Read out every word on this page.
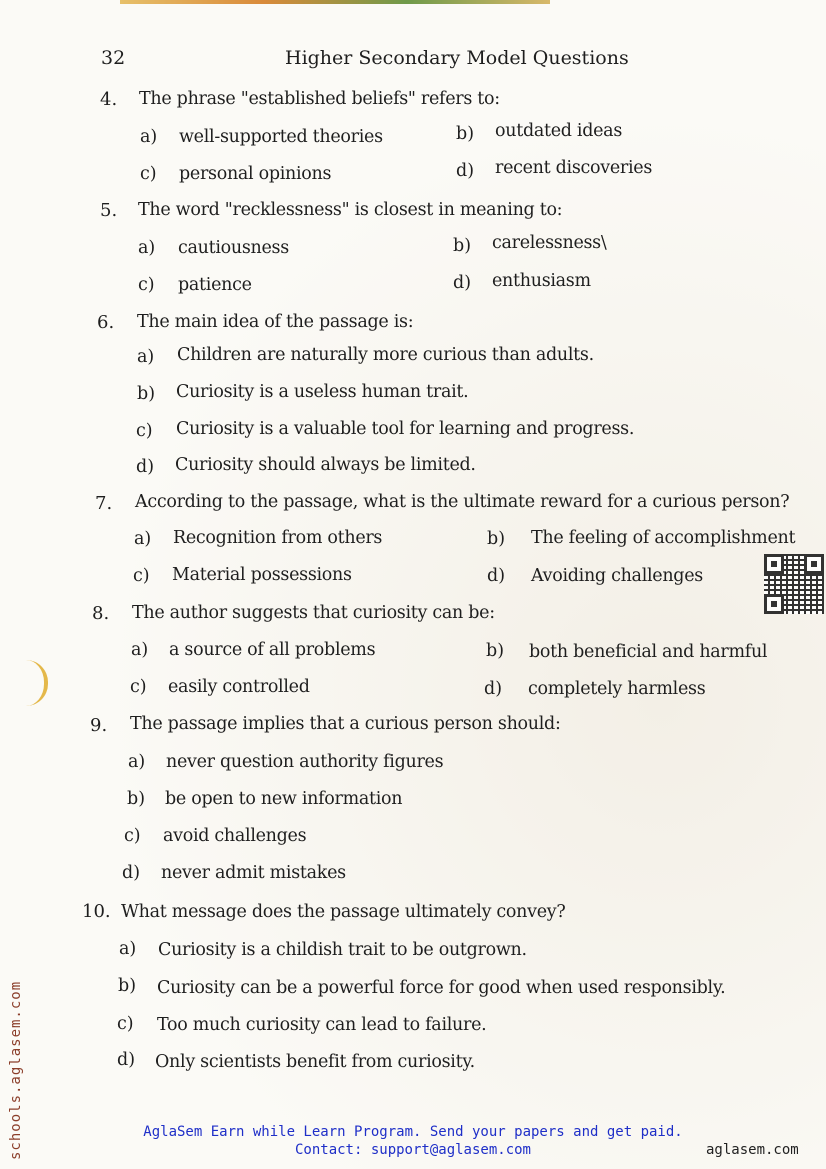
32	Higher Secondary Model Questions
4. The phrase "established beliefs" refers to:
a) well-supported theories	b) outdated ideas
c) personal opinions	d) recent discoveries
5. The word "recklessness" is closest in meaning to:
a) cautiousness	b) carelessness\
c) patience	d) enthusiasm
6. The main idea of the passage is:
a) Children are naturally more curious than adults.
b) Curiosity is a useless human trait.
c) Curiosity is a valuable tool for learning and progress.
d) Curiosity should always be limited.
7. According to the passage, what is the ultimate reward for a curious person?
a) Recognition from others	b) The feeling of accomplishment
c) Material possessions	d) Avoiding challenges
8. The author suggests that curiosity can be:
a) a source of all problems	b) both beneficial and harmful
c) easily controlled	d) completely harmless
9. The passage implies that a curious person should:
a) never question authority figures
b) be open to new information
c) avoid challenges
d) never admit mistakes
10. What message does the passage ultimately convey?
a) Curiosity is a childish trait to be outgrown.
b) Curiosity can be a powerful force for good when used responsibly.
c) Too much curiosity can lead to failure.
d) Only scientists benefit from curiosity.
schools.aglasem.com	AglaSem Earn while Learn Program. Send your papers and get paid.
Contact: support@aglasem.com	aglasem.com
